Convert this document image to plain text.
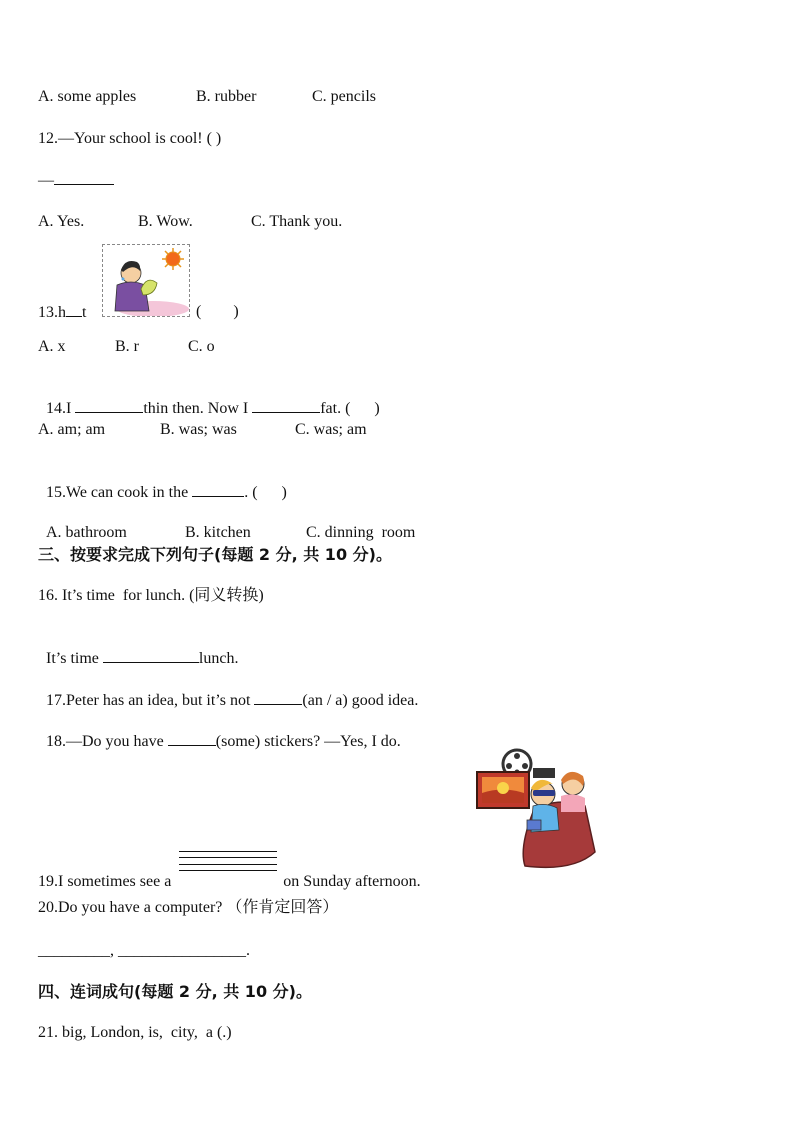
A. some apples	B. rubber	C. pencils
12.—Your school is cool! ( )
—
A. Yes.	B. Wow.	C. Thank you.
13.h t	(        )
A. x	B. r	C. o

14.I	thin then. Now I	fat. (      )

A. am; am	B. was; was	C. was; am

15.We can cook in the	. (      )

A. bathroom	B. kitchen	C. dinning  room

三、按要求完成下列句子(每题 2 分, 共 10 分)。
16. It’s time  for lunch. (同义转换)

It’s time	lunch.

17.Peter has an idea, but it’s not	(an / a) good idea.

18.—Do you have	(some) stickers? —Yes, I do.

19.I sometimes see a	on Sunday afternoon.
20.Do you have a computer? （作肯定回答）
_________, ________________.
四、连词成句(每题 2 分, 共 10 分)。
21. big, London, is,  city,  a (.)
